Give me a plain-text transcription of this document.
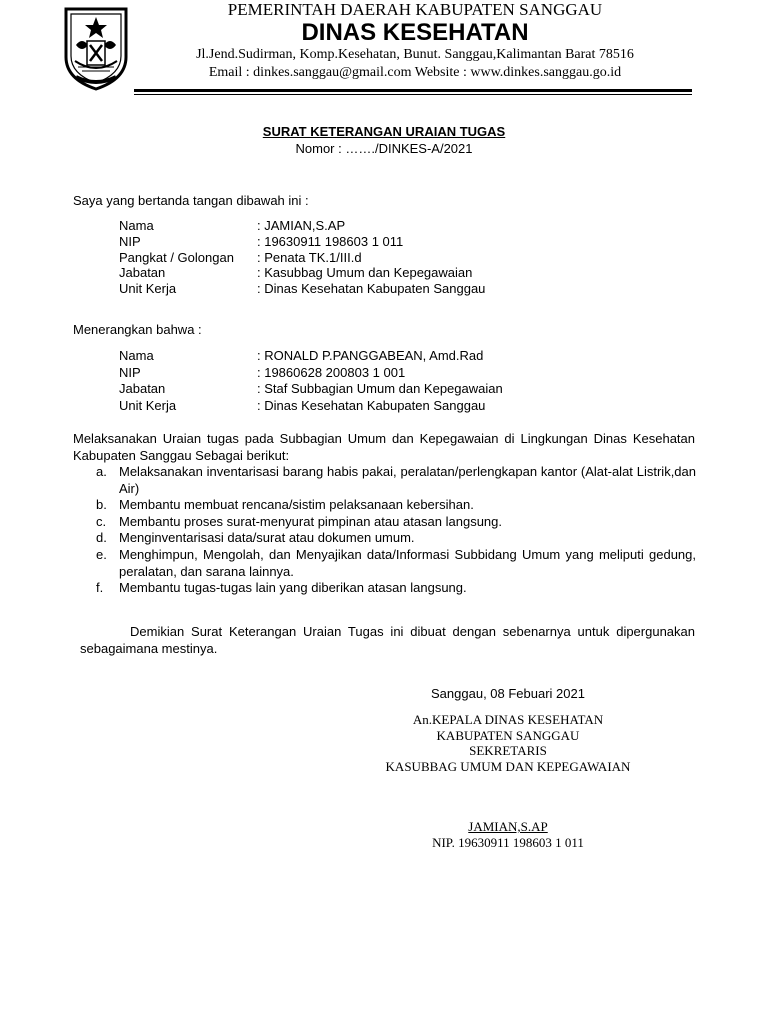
PEMERINTAH DAERAH KABUPATEN SANGGAU
DINAS KESEHATAN
Jl.Jend.Sudirman, Komp.Kesehatan, Bunut. Sanggau,Kalimantan Barat 78516
Email : dinkes.sanggau@gmail.com Website : www.dinkes.sanggau.go.id
SURAT KETERANGAN URAIAN TUGAS
Nomor : ……./DINKES-A/2021
Saya yang bertanda tangan dibawah ini :
Nama	: JAMIAN,S.AP
NIP	: 19630911 198603 1 011
Pangkat / Golongan : Penata TK.1/III.d
Jabatan	: Kasubbag Umum dan Kepegawaian
Unit Kerja	: Dinas Kesehatan Kabupaten Sanggau
Menerangkan bahwa :
Nama	: RONALD P.PANGGABEAN, Amd.Rad
NIP	: 19860628 200803 1 001
Jabatan	: Staf Subbagian Umum dan Kepegawaian
Unit Kerja	: Dinas Kesehatan Kabupaten Sanggau
Melaksanakan Uraian tugas pada Subbagian Umum dan Kepegawaian di Lingkungan Dinas Kesehatan Kabupaten Sanggau Sebagai berikut:
a. Melaksanakan inventarisasi barang habis pakai, peralatan/perlengkapan kantor (Alat-alat Listrik,dan Air)
b. Membantu membuat rencana/sistim pelaksanaan kebersihan.
c. Membantu proses surat-menyurat pimpinan atau atasan langsung.
d. Menginventarisasi data/surat atau dokumen umum.
e. Menghimpun, Mengolah, dan Menyajikan data/Informasi Subbidang Umum yang meliputi gedung, peralatan, dan sarana lainnya.
f. Membantu tugas-tugas lain yang diberikan atasan langsung.
Demikian Surat Keterangan Uraian Tugas ini dibuat dengan sebenarnya untuk dipergunakan sebagaimana mestinya.
Sanggau, 08 Febuari 2021
An.KEPALA DINAS KESEHATAN
KABUPATEN SANGGAU
SEKRETARIS
KASUBBAG UMUM DAN KEPEGAWAIAN
JAMIAN,S.AP
NIP. 19630911 198603 1 011
